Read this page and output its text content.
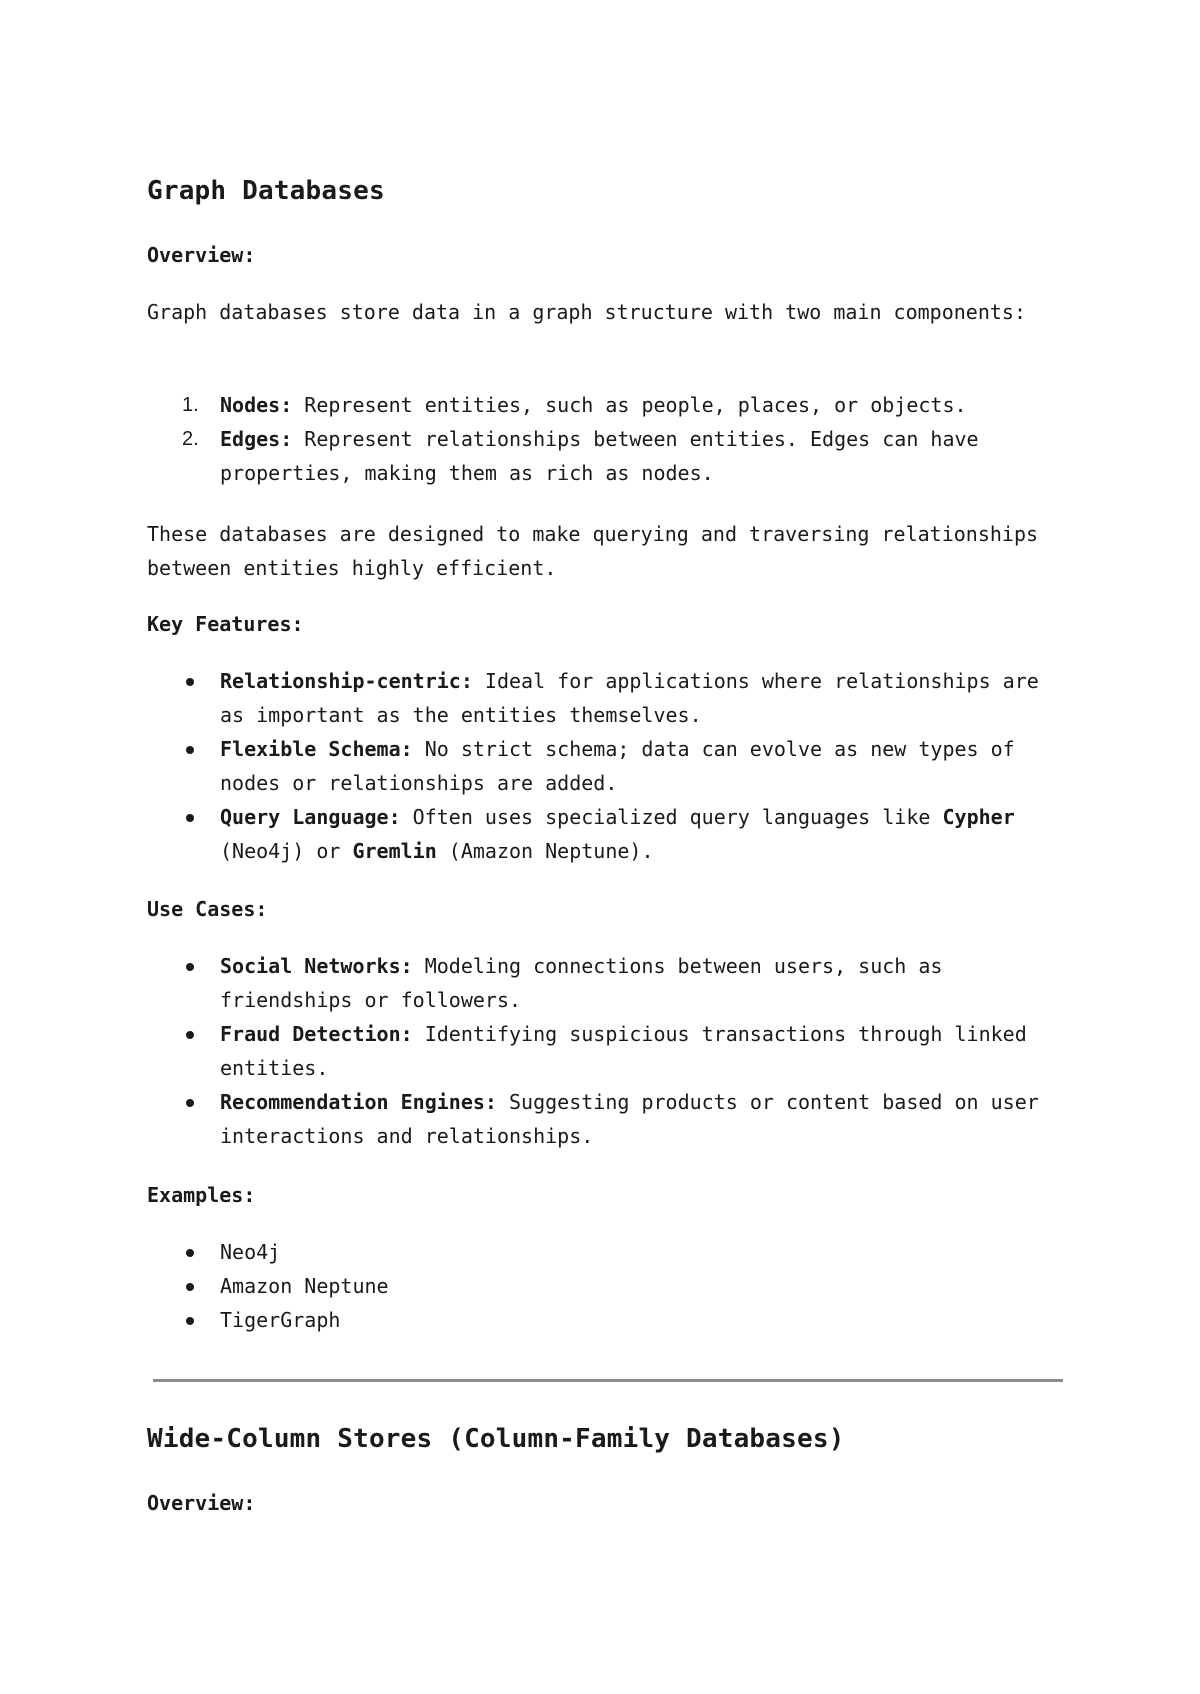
Graph Databases

Overview:

Graph databases store data in a graph structure with two main components:

1. Nodes: Represent entities, such as people, places, or objects.
2. Edges: Represent relationships between entities. Edges can have properties, making them as rich as nodes.

These databases are designed to make querying and traversing relationships between entities highly efficient.

Key Features:

Relationship-centric: Ideal for applications where relationships are as important as the entities themselves.
Flexible Schema: No strict schema; data can evolve as new types of nodes or relationships are added.
Query Language: Often uses specialized query languages like Cypher (Neo4j) or Gremlin (Amazon Neptune).

Use Cases:

Social Networks: Modeling connections between users, such as friendships or followers.
Fraud Detection: Identifying suspicious transactions through linked entities.
Recommendation Engines: Suggesting products or content based on user interactions and relationships.

Examples:

Neo4j
Amazon Neptune
TigerGraph
Wide-Column Stores (Column-Family Databases)

Overview:
